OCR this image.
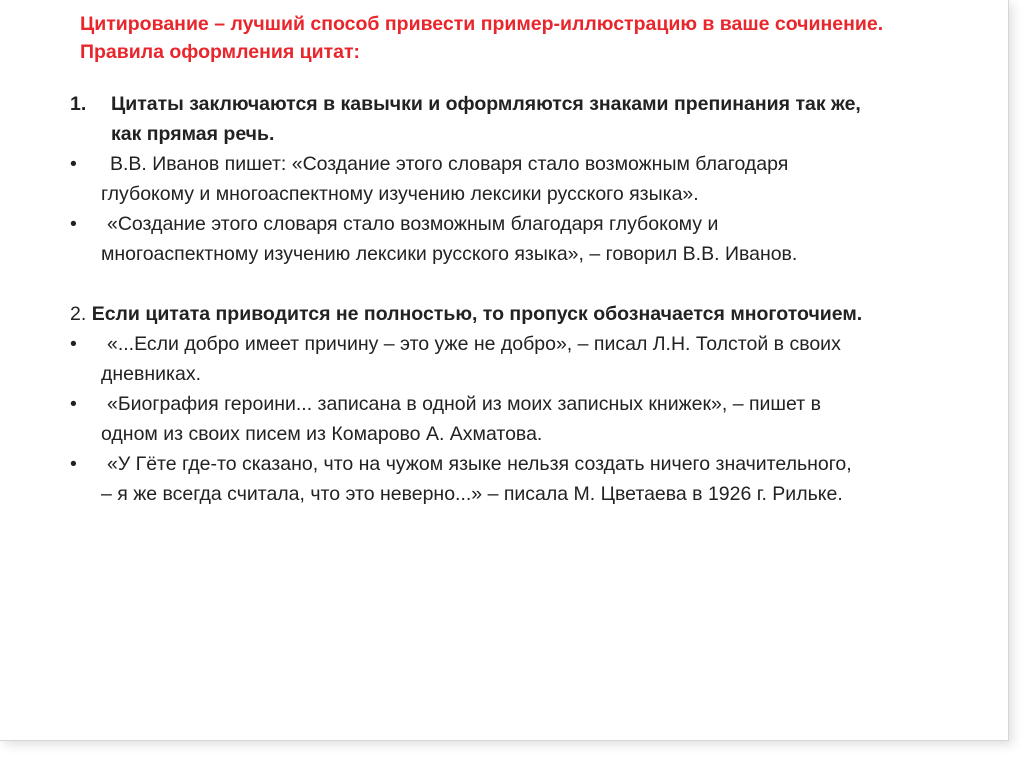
Цитирование – лучший способ привести пример-иллюстрацию в ваше сочинение.
Правила оформления цитат:
1. Цитаты заключаются в кавычки и оформляются знаками препинания так же,
как прямая речь.
• В.В. Иванов пишет: «Создание этого словаря стало возможным благодаря
глубокому и многоаспектному изучению лексики русского языка».
• «Создание этого словаря стало возможным благодаря глубокому и
многоаспектному изучению лексики русского языка», – говорил В.В. Иванов.
2. Если цитата приводится не полностью, то пропуск обозначается многоточием.
• «...Если добро имеет причину – это уже не добро», – писал Л.Н. Толстой в своих
дневниках.
• «Биография героини... записана в одной из моих записных книжек», – пишет в
одном из своих писем из Комарово А. Ахматова.
• «У Гёте где-то сказано, что на чужом языке нельзя создать ничего значительного,
– я же всегда считала, что это неверно...» – писала М. Цветаева в 1926 г. Рильке.
